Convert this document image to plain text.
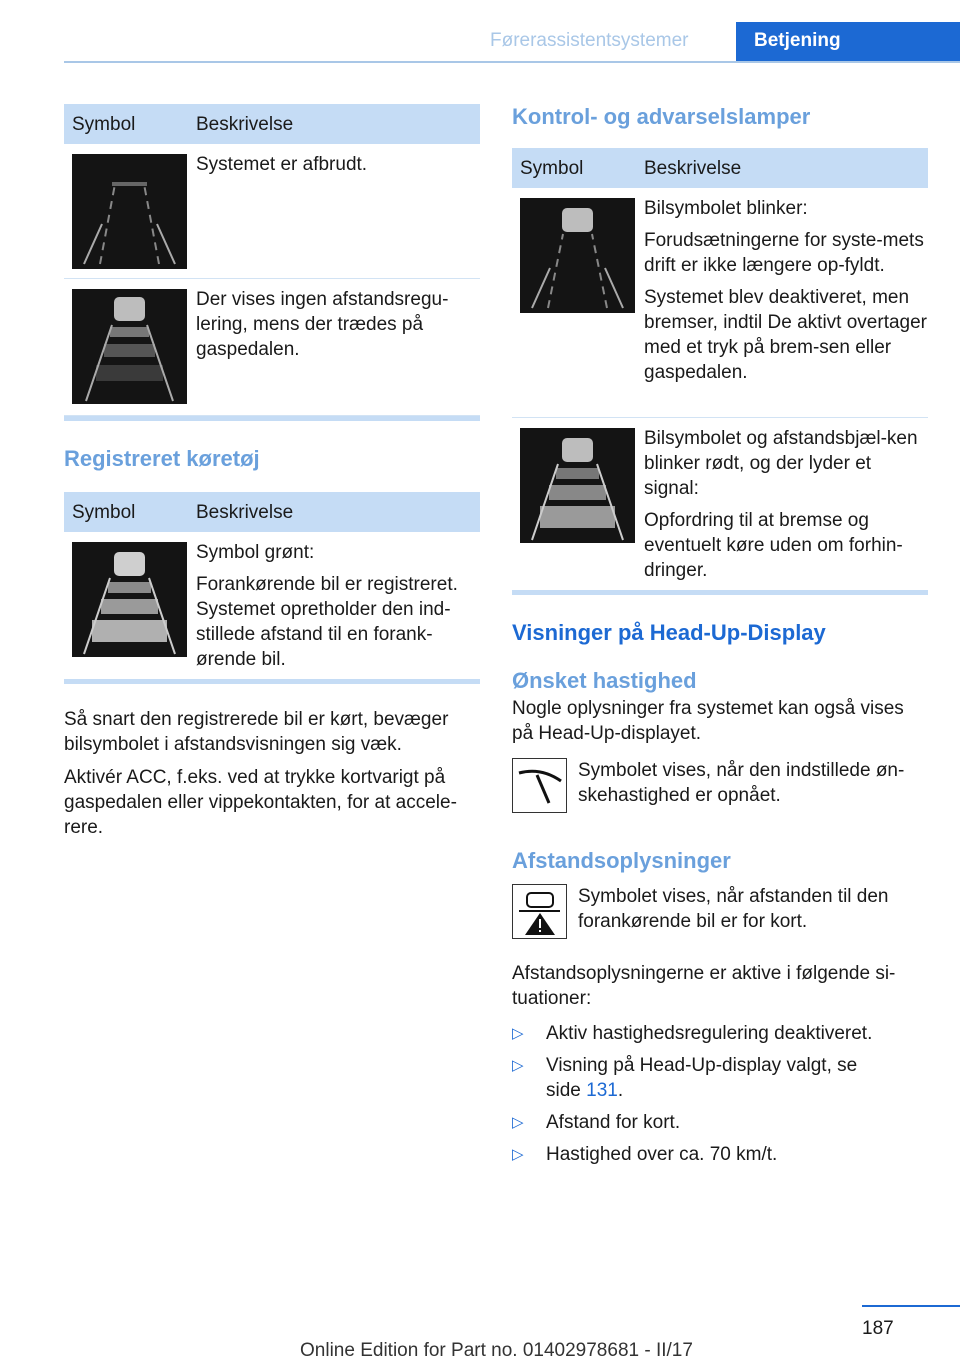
Førerassistentsystemer	Betjening
Symbol	Beskrivelse

Systemet er afbrudt.

Der vises ingen afstandsregu-lering, mens der trædes på gaspedalen.

Registreret køretøj
Symbol	Beskrivelse

Symbol grønt:

Forankørende bil er registreret. Systemet opretholder den ind-stillede afstand til en forank-ørende bil.

Så snart den registrerede bil er kørt, bevæger bilsymbolet i afstandsvisningen sig væk.

Aktivér ACC, f.eks. ved at trykke kortvarigt på gaspedalen eller vippekontakten, for at accele-rere.

Kontrol- og advarselslamper
Symbol	Beskrivelse

Bilsymbolet blinker:

Forudsætningerne for syste-mets drift er ikke længere op-fyldt.

Systemet blev deaktiveret, men bremser, indtil De aktivt overtager med et tryk på brem-sen eller gaspedalen.

Bilsymbolet og afstandsbjæl-ken blinker rødt, og der lyder et signal:

Opfordring til at bremse og eventuelt køre uden om forhin-dringer.

Visninger på Head-Up-Display
Ønsket hastighed

Nogle oplysninger fra systemet kan også vises på Head-Up-displayet.

Symbolet vises, når den indstillede øn-skehastighed er opnået.
Afstandsoplysninger
Symbolet vises, når afstanden til den forankørende bil er for kort.

Afstandsoplysningerne er aktive i følgende si-tuationer:

▷ Aktiv hastighedsregulering deaktiveret.
▷ Visning på Head-Up-display valgt, se
side 131.
▷ Afstand for kort.
▷ Hastighed over ca. 70 km/t.
187
Online Edition for Part no. 01402978681 - II/17
